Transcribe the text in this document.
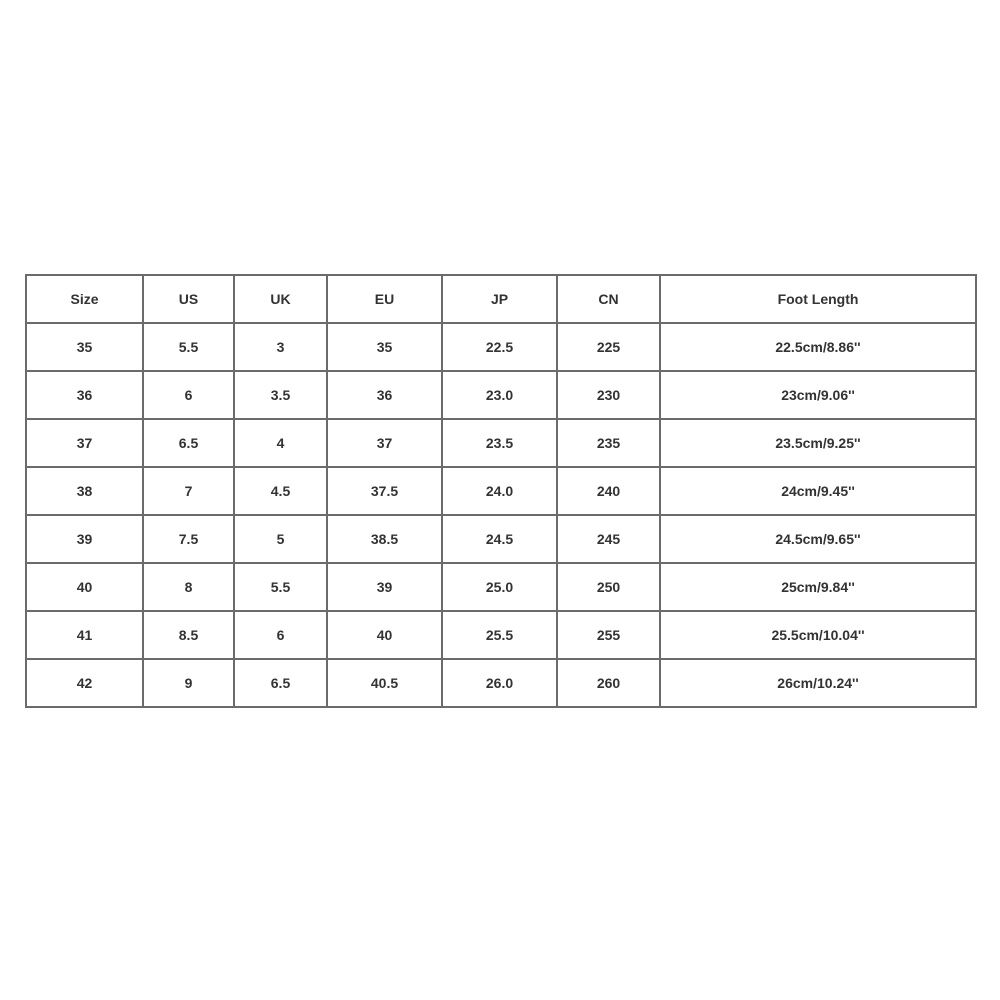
Size	US	UK	EU	JP	CN	Foot Length
35	5.5	3	35	22.5	225	22.5cm/8.86''
36	6	3.5	36	23.0	230	23cm/9.06''
37	6.5	4	37	23.5	235	23.5cm/9.25''
38	7	4.5	37.5	24.0	240	24cm/9.45''
39	7.5	5	38.5	24.5	245	24.5cm/9.65''
40	8	5.5	39	25.0	250	25cm/9.84''
41	8.5	6	40	25.5	255	25.5cm/10.04''
42	9	6.5	40.5	26.0	260	26cm/10.24''
